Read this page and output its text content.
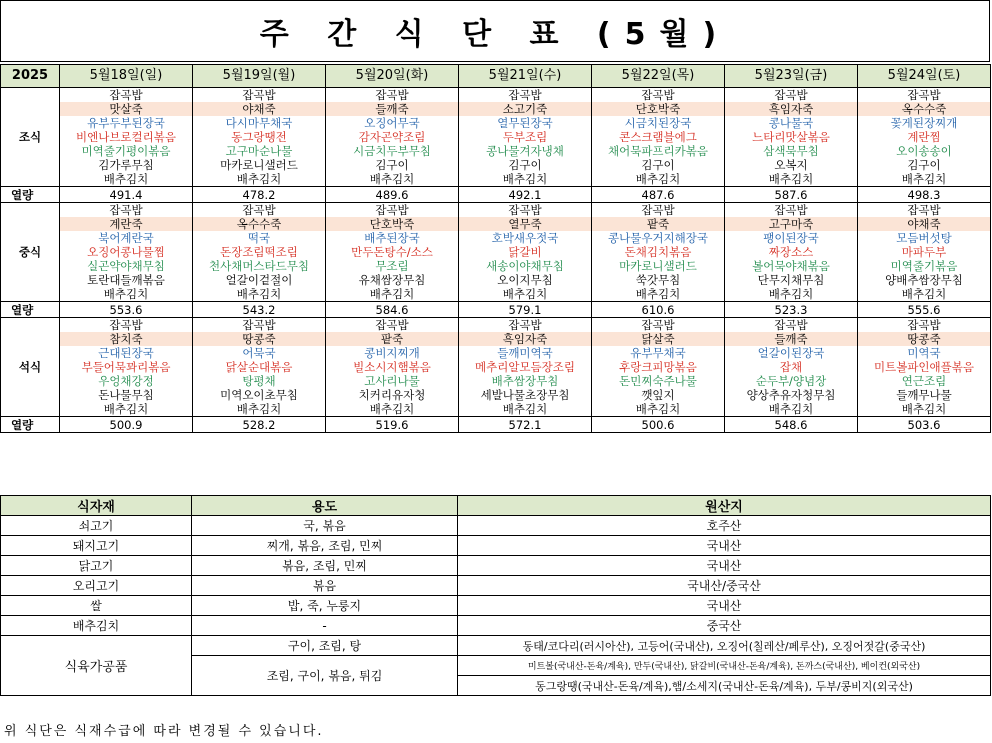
주 간 식 단 표 (5월)
2025	5월18일(일)	5월19일(월)	5월20일(화)	5월21일(수)	5월22일(목)	5월23일(금)	5월24일(토)
조식	잡곡밥	잡곡밥	잡곡밥	잡곡밥	잡곡밥	잡곡밥	잡곡밥
	맛살죽	야채죽	들깨죽	소고기죽	단호박죽	흑임자죽	옥수수죽
	유부두부된장국	다시마무채국	오징어무국	열무된장국	시금치된장국	콩나물국	꽃게된장찌개
	비엔나브로컬리볶음	동그랑땡전	감자곤약조림	두부조림	콘스크램블에그	느타리맛살볶음	계란찜
	미역줄기평이볶음	고구마순나물	시금치두부무침	콩나물겨자냉채	채어묵파프리카볶음	삼색묵무침	오이송송이
	김가루무침	마카로니샐러드	김구이	김구이	김구이	오복지	김구이
	배추김치	배추김치	배추김치	배추김치	배추김치	배추김치	배추김치
열량	491.4	478.2	489.6	492.1	487.6	587.6	498.3
중식	잡곡밥	잡곡밥	잡곡밥	잡곡밥	잡곡밥	잡곡밥	잡곡밥
	계란죽	옥수수죽	단호박죽	열무죽	팥죽	고구마죽	야채죽
	북어계란국	떡국	배추된장국	호박새우젓국	콩나물우거지해장국	팽이된장국	모듬버섯탕
	오징어콩나물찜	돈장조림떡조림	만두돈탕수/소스	닭갈비	돈채김치볶음	짜장소스	마파두부
	실곤약야채무침	천사채머스타드무침	무조림	새송이야채무침	마카로니샐러드	볼어묵야채볶음	미역줄기볶음
	토란대들깨볶음	얼갈이겉절이	유채쌈장무침	오이지무침	쑥갓무침	단무지채무침	양배추쌈장무침
	배추김치	배추김치	배추김치	배추김치	배추김치	배추김치	배추김치
열량	553.6	543.2	584.6	579.1	610.6	523.3	555.6
석식	잡곡밥	잡곡밥	잡곡밥	잡곡밥	잡곡밥	잡곡밥	잡곡밥
	참치죽	땅콩죽	팥죽	흑임자죽	닭살죽	들깨죽	땅콩죽
	근대된장국	어묵국	콩비지찌개	들깨미역국	유부무채국	얼갈이된장국	미역국
	부들어묵꽈리볶음	닭살순대볶음	빌소시지햄볶음	메추리알모듬장조림	후랑크피망볶음	잡채	미트볼파인애플볶음
	우엉채강정	탕평채	고사리나물	배추쌈장무침	돈민찌숙주나물	순두부/양념장	연근조림
	돈나물무침	미역오이초무침	치커리유자청	세발나물초장무침	깻잎지	양상추유자청무침	들깨무나물
	배추김치	배추김치	배추김치	배추김치	배추김치	배추김치	배추김치
열량	500.9	528.2	519.6	572.1	500.6	548.6	503.6
식자재	용도	원산지
쇠고기	국, 볶음	호주산
돼지고기	찌개, 볶음, 조림, 민찌	국내산
닭고기	볶음, 조림, 민찌	국내산
오리고기	볶음	국내산/중국산
쌀	밥, 죽, 누룽지	국내산
배추김치	-	중국산
식육가공품	구이, 조림, 탕	동태/코다리(러시아산), 고등어(국내산), 오징어(칠레산/페루산), 오징어젓갈(중국산)
	조림, 구이, 볶음, 튀김	미트볼(국내산-돈육/계육), 만두(국내산), 닭갈비(국내산-돈육/계육), 돈까스(국내산), 베이컨(외국산)
		동그랑땡(국내산-돈육/계육),햄/소세지(국내산-돈육/계육), 두부/콩비지(외국산)
위 식단은 식재수급에 따라 변경될 수 있습니다.
